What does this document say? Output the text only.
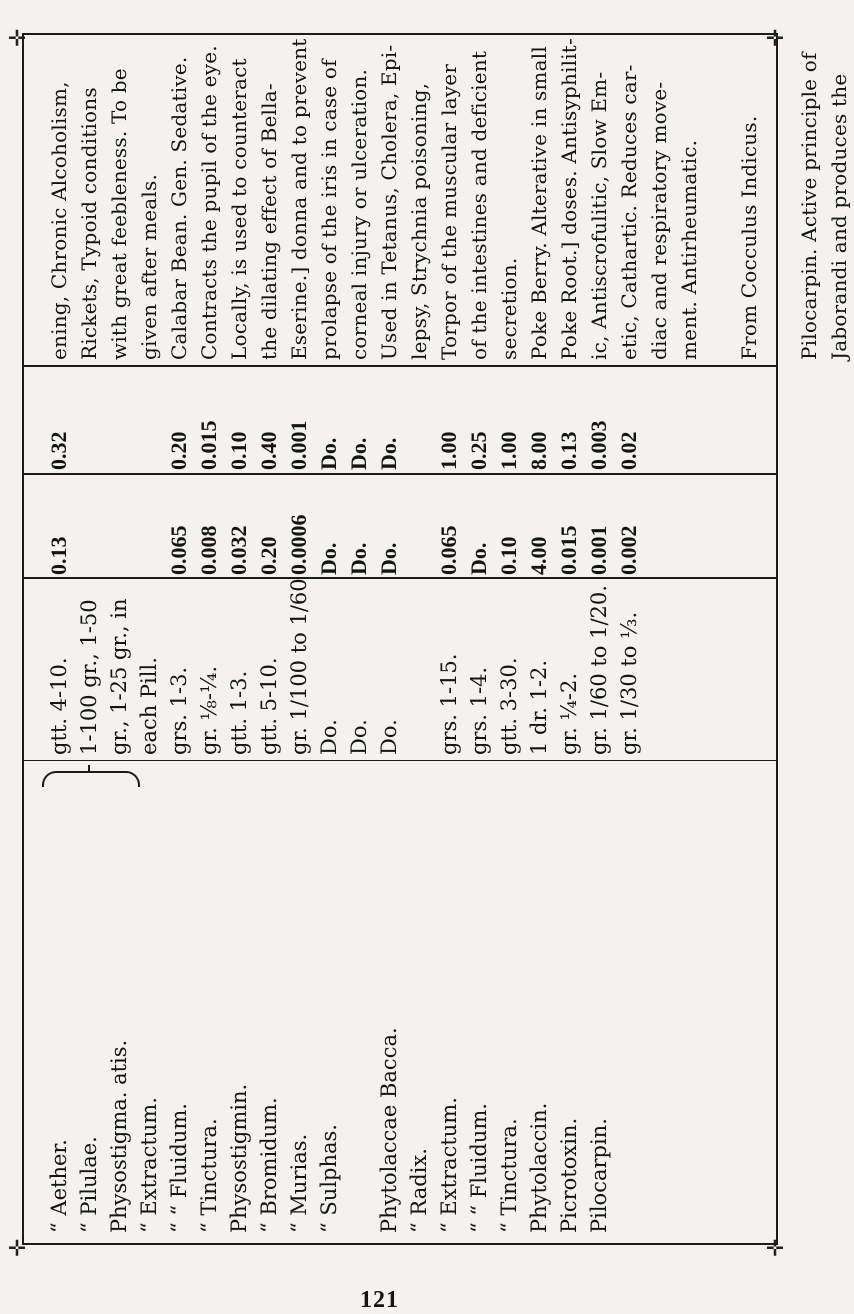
✛
✛
✛
✛
121
“ Aether. “ Pilulae. Physostigma. atis. “ Extractum. “ “ Fluidum. “ Tinctura. Physostigmin. “ Bromidum. “ Murias. “ Sulphas. Phytolaccae Bacca. “ Radix. “ Extractum. “ “ Fluidum. “ Tinctura. Phytolaccin. Picrotoxin. Pilocarpin.
gtt. 4-10. 1-100 gr., 1-50 gr., 1-25 gr., in each Pill. grs. 1-3. gr. ⅛-¼. gtt. 1-3. gtt. 5-10. gr. 1/100 to 1/60 Do. Do. Do. grs. 1-15. grs. 1-4. gtt. 3-30. 1 dr. 1-2. gr. ¼-2. gr. 1/60 to 1/20. gr. 1/30 to ⅓.
0.13	0.065 0.008 0.032 0.20 0.0006 Do. Do. Do. 0.065 Do. 0.10 4.00 0.015 0.001 0.002
0.32	0.20 0.015 0.10 0.40 0.001 Do. Do. Do. 1.00 0.25 1.00 8.00 0.13 0.003 0.02
ening, Chronic Alcoholism, Rickets, Typoid conditions with great feebleness. To be given after meals. Calabar Bean. Gen. Sedative. Contracts the pupil of the eye. Locally, is used to counteract the dilating effect of Bella- Eserine.] donna and to prevent prolapse of the iris in case of corneal injury or ulceration. Used in Tetanus, Cholera, Epi- lepsy, Strychnia poisoning, Torpor of the muscular layer of the intestines and deficient secretion. Poke Berry. Alterative in small Poke Root.] doses. Antisyphilit- ic, Antiscrofulitic, Slow Em- etic, Cathartic. Reduces car- diac and respiratory move- ment. Antirheumatic. From Cocculus Indicus. Pilocarpin. Active principle of Jaborandi and produces the
